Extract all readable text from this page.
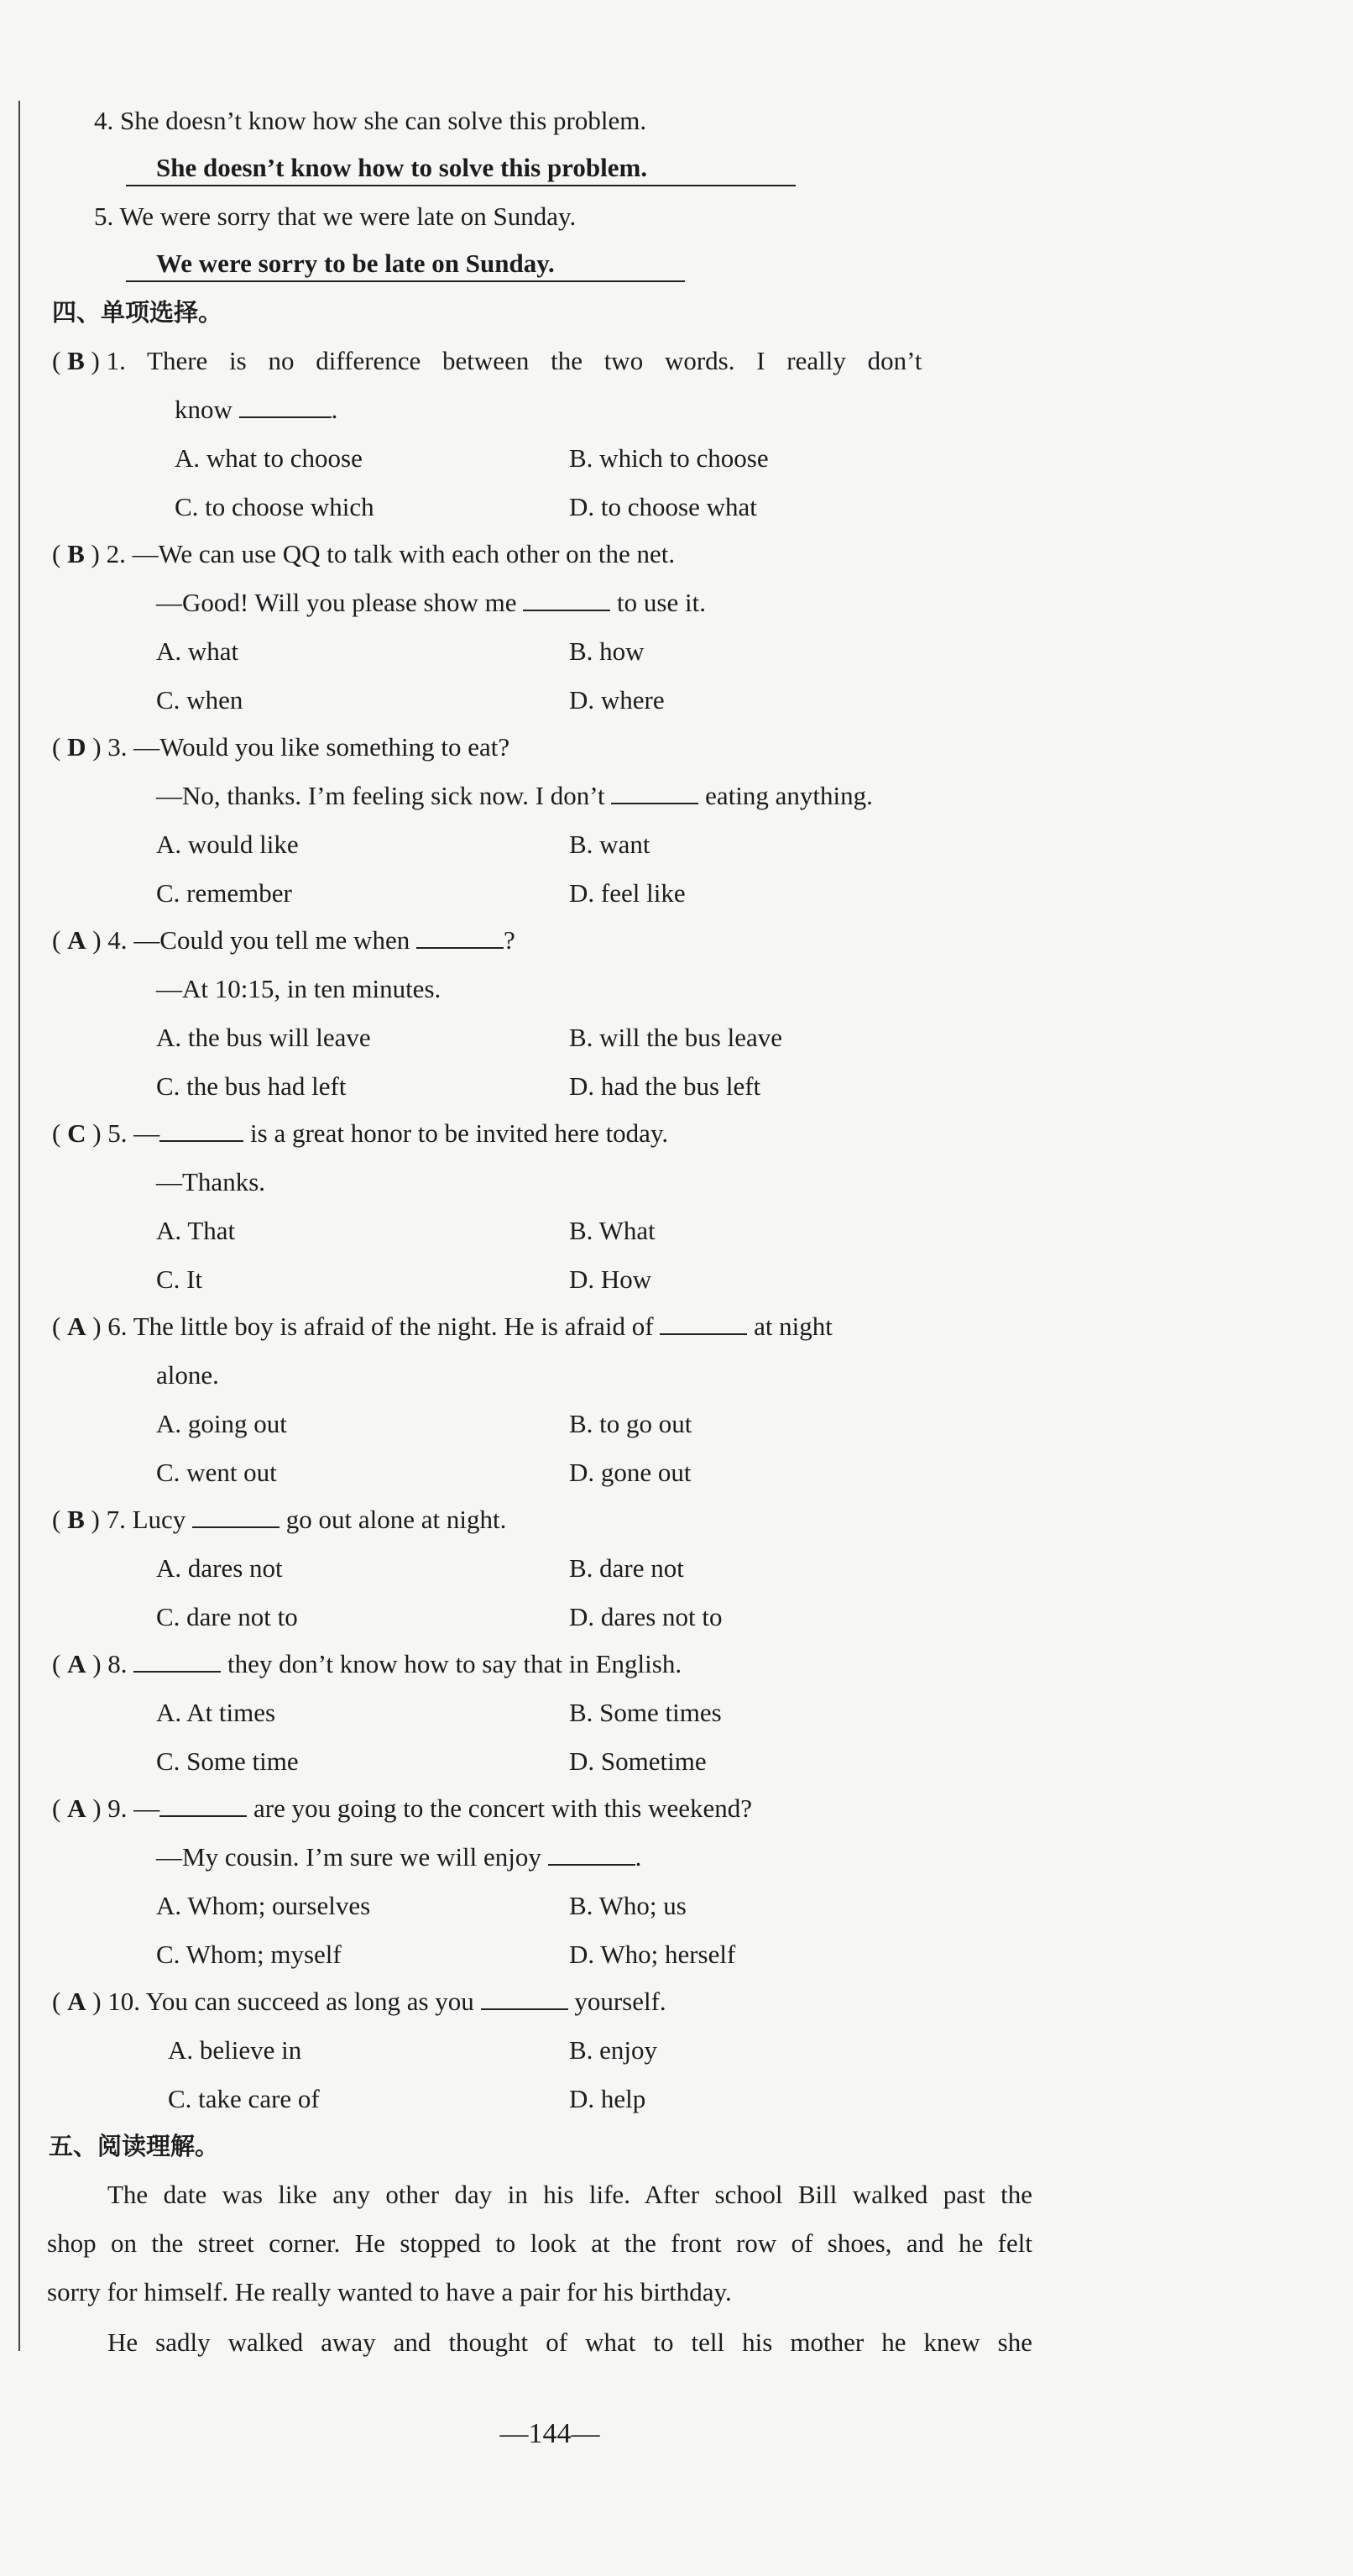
4. She doesn’t know how she can solve this problem.
She doesn’t know how to solve this problem.
5. We were sorry that we were late on Sunday.
We were sorry to be late on Sunday.
四、单项选择。
( B ) 1. There is no difference between the two words. I really don’t
know	.
A. what to choose	B. which to choose
C. to choose which	D. to choose what
( B ) 2. —We can use QQ to talk with each other on the net.
—Good! Will you please show me	to use it.
A. what	B. how
C. when	D. where
( D ) 3. —Would you like something to eat?
—No, thanks. I’m feeling sick now. I don’t	eating anything.
A. would like	B. want
C. remember	D. feel like
( A ) 4. —Could you tell me when	?
—At 10:15, in ten minutes.
A. the bus will leave	B. will the bus leave
C. the bus had left	D. had the bus left
( C ) 5. —	is a great honor to be invited here today.
—Thanks.
A. That	B. What
C. It	D. How
( A ) 6. The little boy is afraid of the night. He is afraid of	at night
alone.
A. going out	B. to go out
C. went out	D. gone out
( B ) 7. Lucy	go out alone at night.
A. dares not	B. dare not
C. dare not to	D. dares not to
( A ) 8.	they don’t know how to say that in English.
A. At times	B. Some times
C. Some time	D. Sometime
( A ) 9. —	are you going to the concert with this weekend?
—My cousin. I’m sure we will enjoy	.
A. Whom; ourselves	B. Who; us
C. Whom; myself	D. Who; herself
( A ) 10. You can succeed as long as you	yourself.
A. believe in	B. enjoy
C. take care of	D. help
五、阅读理解。
The date was like any other day in his life. After school Bill walked past the
shop on the street corner. He stopped to look at the front row of shoes, and he felt
sorry for himself. He really wanted to have a pair for his birthday.
He sadly walked away and thought of what to tell his mother he knew she
—144—
